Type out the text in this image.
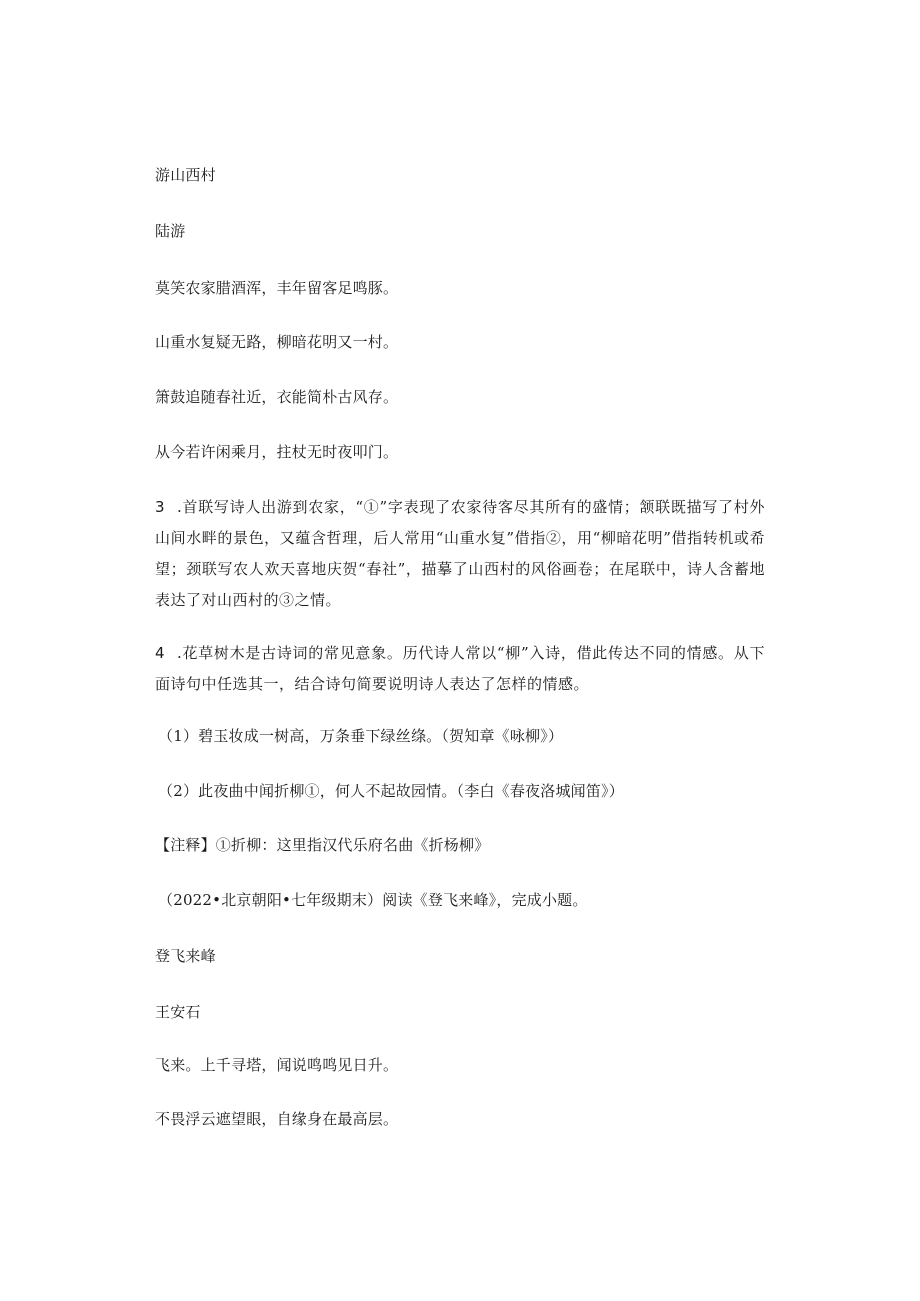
游山西村
陆游
莫笑农家腊酒浑，丰年留客足鸣豚。
山重水复疑无路，柳暗花明又一村。
箫鼓追随春社近，衣能简朴古风存。
从今若许闲乘月，拄杖无时夜叩门。
3 .首联写诗人出游到农家，“①”字表现了农家待客尽其所有的盛情；颔联既描写了村外山间水畔的景色，又蕴含哲理，后人常用“山重水复”借指②，用“柳暗花明”借指转机或希望；颈联写农人欢天喜地庆贺“春社”，描摹了山西村的风俗画卷；在尾联中，诗人含蓄地表达了对山西村的③之情。
4 .花草树木是古诗词的常见意象。历代诗人常以“柳”入诗，借此传达不同的情感。从下面诗句中任选其一，结合诗句简要说明诗人表达了怎样的情感。
（1）碧玉妆成一树高，万条垂下绿丝绦。（贺知章《咏柳》）
（2）此夜曲中闻折柳①，何人不起故园情。（李白《春夜洛城闻笛》）
【注释】①折柳：这里指汉代乐府名曲《折杨柳》
（2022•北京朝阳•七年级期末）阅读《登飞来峰》，完成小题。
登飞来峰
王安石
飞来。上千寻塔，闻说鸣鸣见日升。
不畏浮云遮望眼，自缘身在最高层。
